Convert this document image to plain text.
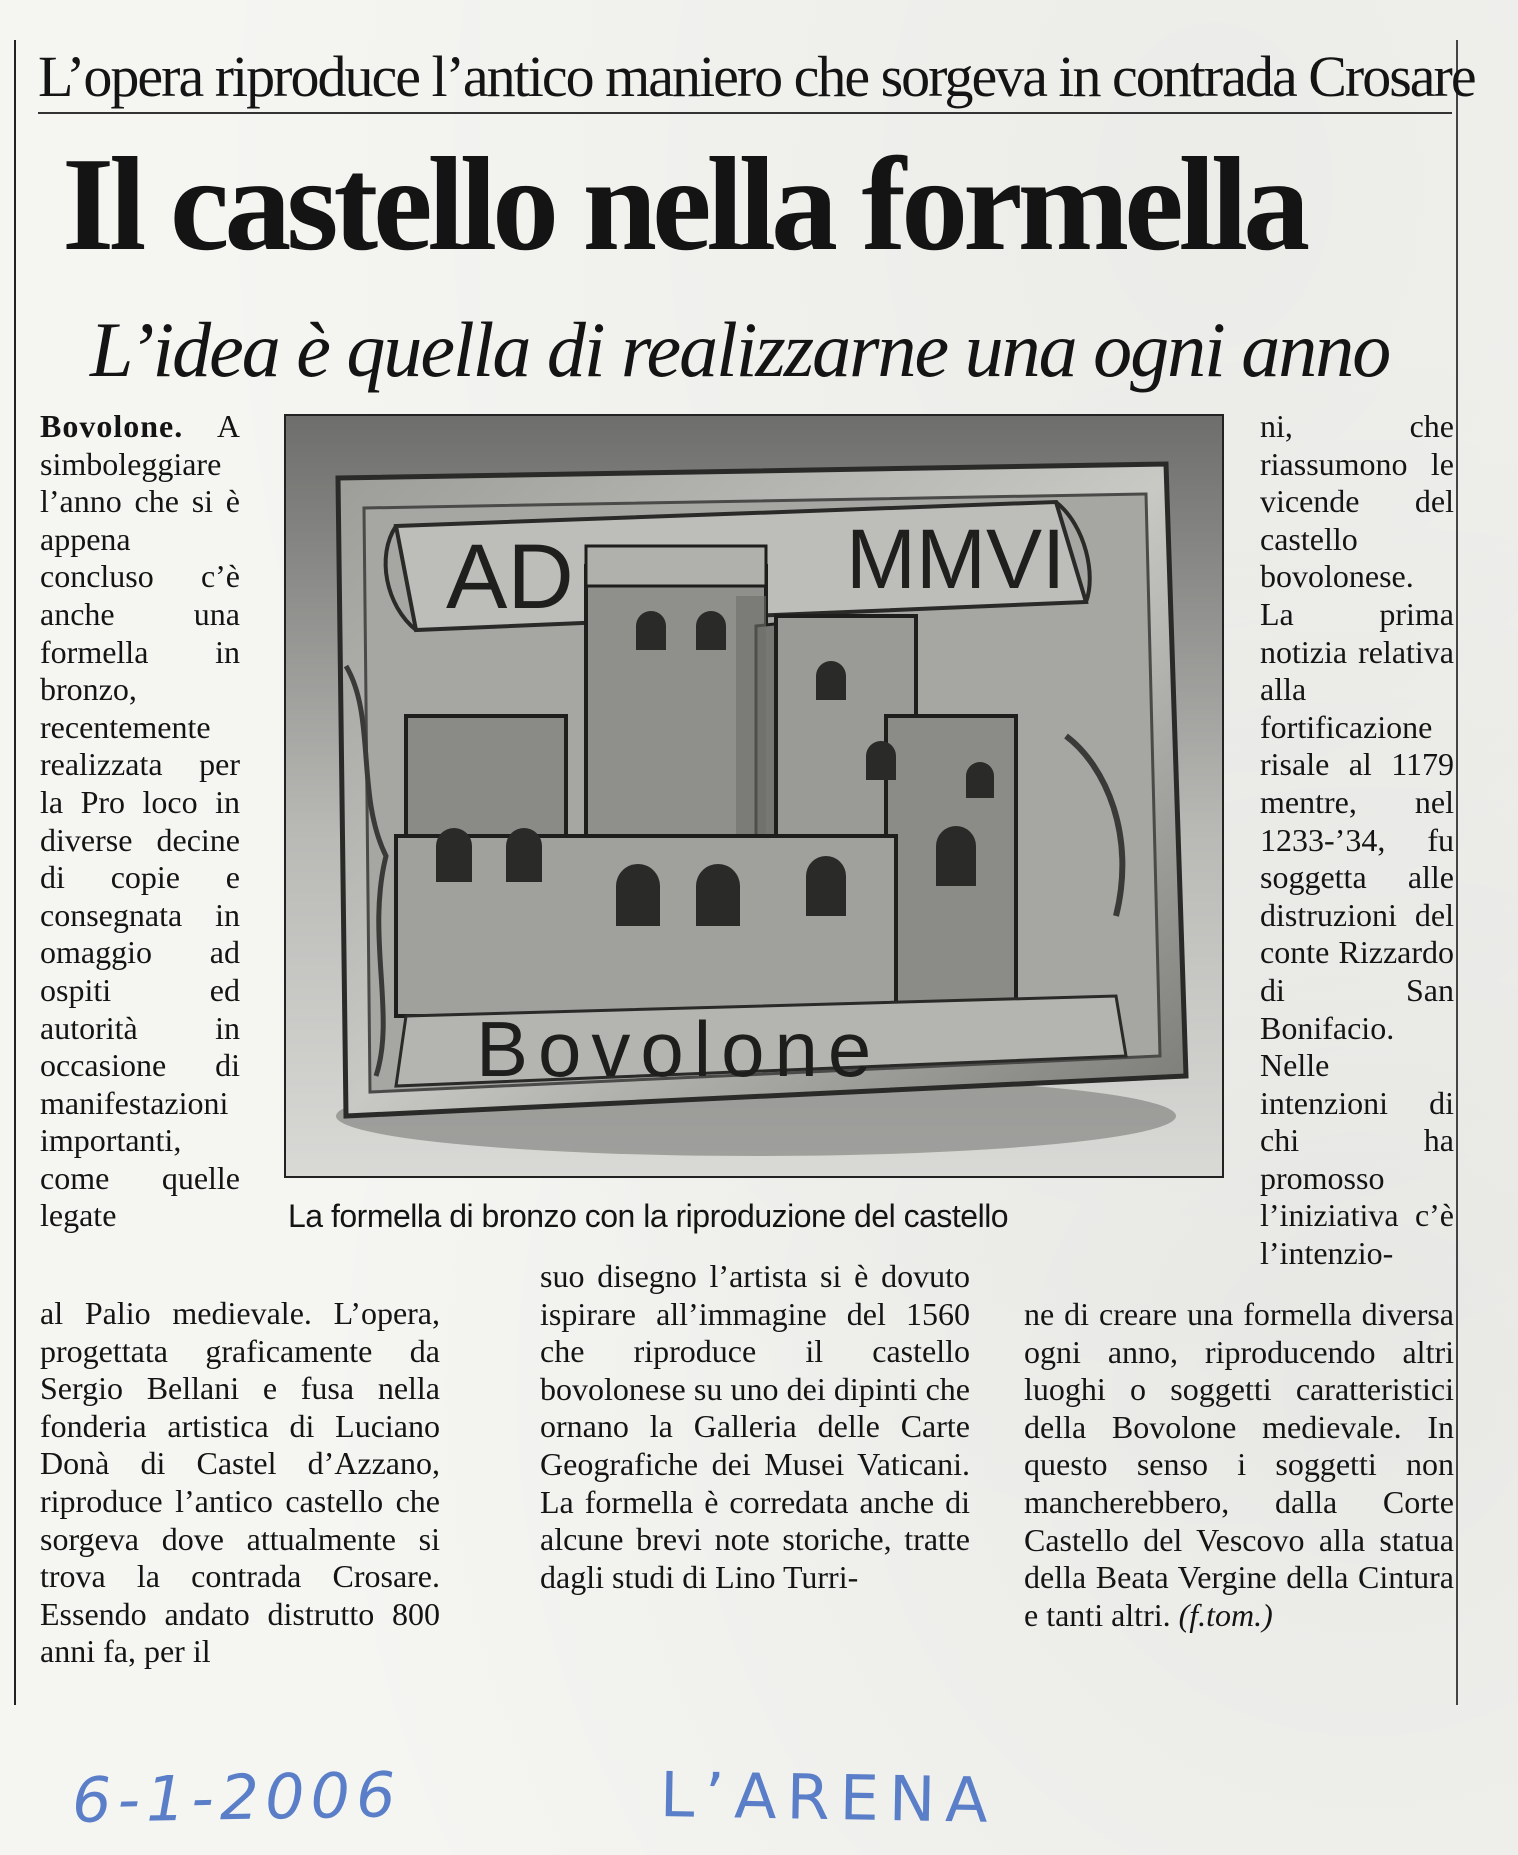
L’opera riproduce l’antico maniero che sorgeva in contrada Crosare
Il castello nella formella
L’idea è quella di realizzarne una ogni anno
Bovolone. A simboleggiare l’anno che si è appena concluso c’è anche una formella in bronzo, recentemente realizzata per la Pro loco in diverse decine di copie e consegnata in omaggio ad ospiti ed autorità in occasione di manifestazioni importanti, come quelle legate
AD	MMVI
Bovolone
La formella di bronzo con la riproduzione del castello
al Palio medievale. L’opera, progettata graficamente da Sergio Bellani e fusa nella fonderia artistica di Luciano Donà di Castel d’Azzano, riproduce l’antico castello che sorgeva dove attualmente si trova la contrada Crosare. Essendo andato distrutto 800 anni fa, per il
suo disegno l’artista si è dovuto ispirare all’immagine del 1560 che riproduce il castello bovolonese su uno dei dipinti che ornano la Galleria delle Carte Geografiche dei Musei Vaticani. La formella è corredata anche di alcune brevi note storiche, tratte dagli studi di Lino Turri-
ni, che riassumono le vicende del castello bovolonese. La prima notizia relativa alla fortificazione risale al 1179 mentre, nel 1233-’34, fu soggetta alle distruzioni del conte Rizzardo di San Bonifacio. Nelle intenzioni di chi ha promosso l’iniziativa c’è l’intenzio-
ne di creare una formella diversa ogni anno, riproducendo altri luoghi o soggetti caratteristici della Bovolone medievale. In questo senso i soggetti non mancherebbero, dalla Corte Castello del Vescovo alla statua della Beata Vergine della Cintura e tanti altri. (f.tom.)
6-1-2006	L’ARENA
